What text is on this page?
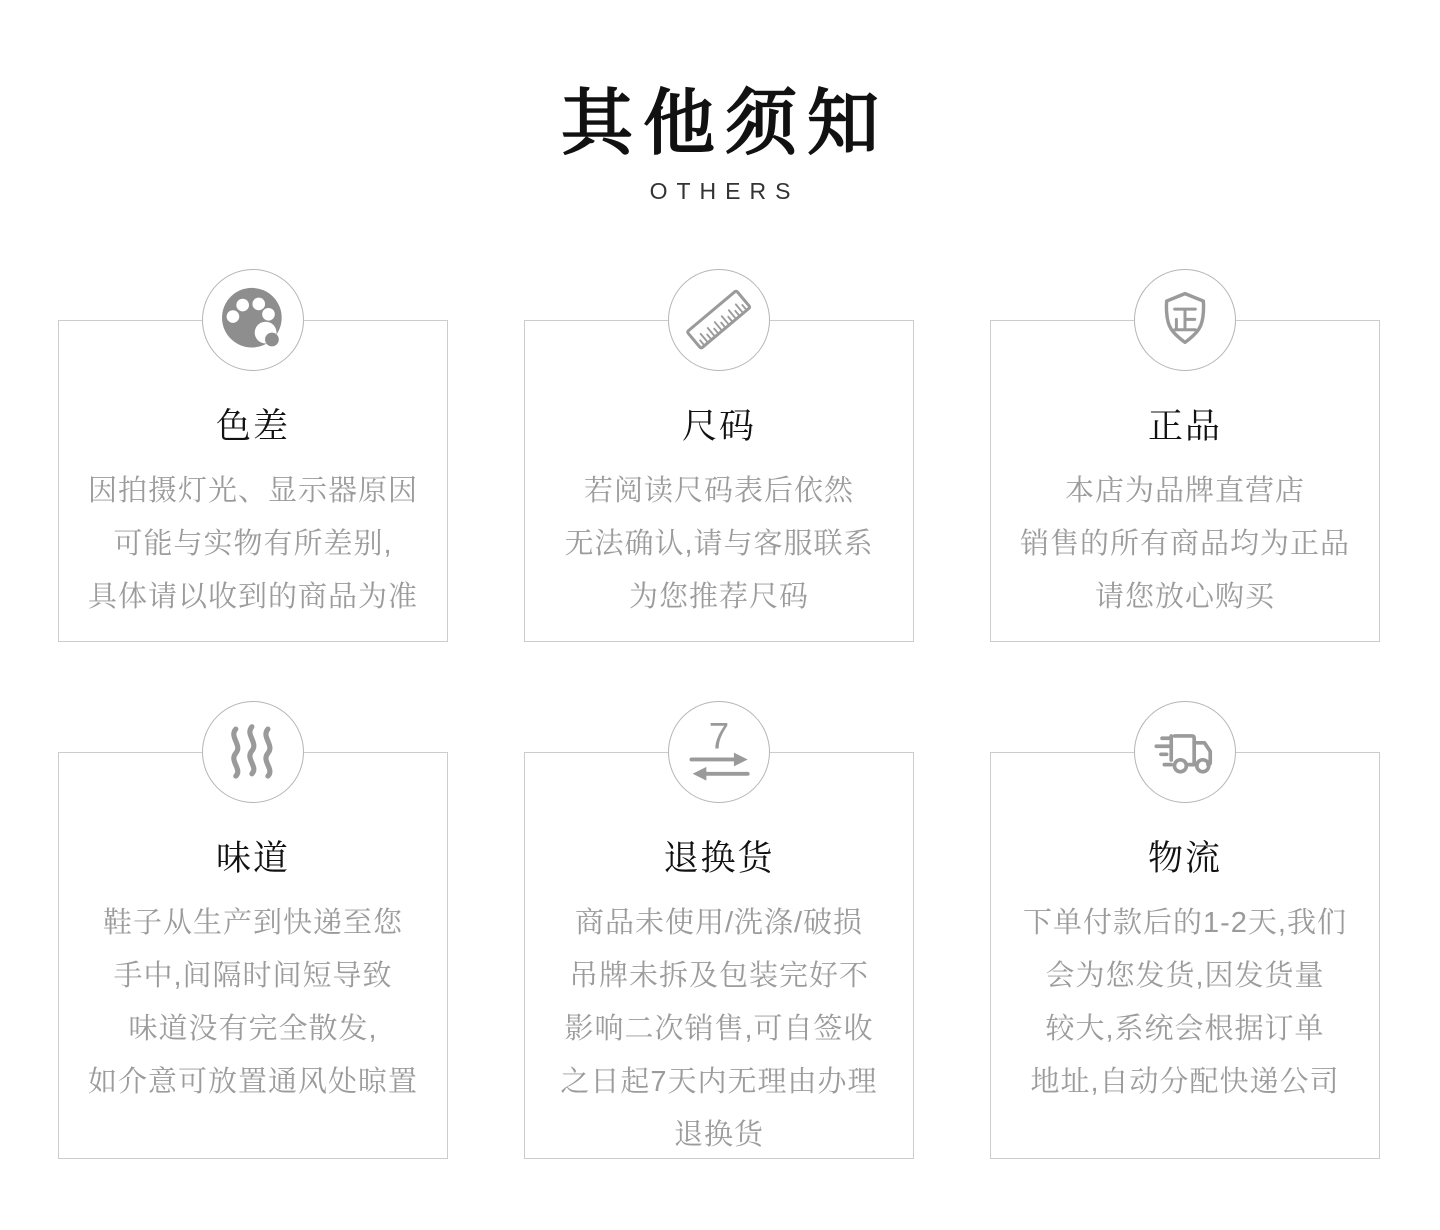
其他须知
OTHERS
色差

因拍摄灯光、显示器原因

可能与实物有所差别,

具体请以收到的商品为准

尺码

若阅读尺码表后依然

无法确认,请与客服联系

为您推荐尺码

正品

本店为品牌直营店

销售的所有商品均为正品

请您放心购买

味道

鞋子从生产到快递至您

手中,间隔时间短导致

味道没有完全散发,

如介意可放置通风处晾置

7
退换货

商品未使用/洗涤/破损

吊牌未拆及包装完好不

影响二次销售,可自签收

之日起7天内无理由办理

退换货

物流

下单付款后的1-2天,我们

会为您发货,因发货量

较大,系统会根据订单

地址,自动分配快递公司
